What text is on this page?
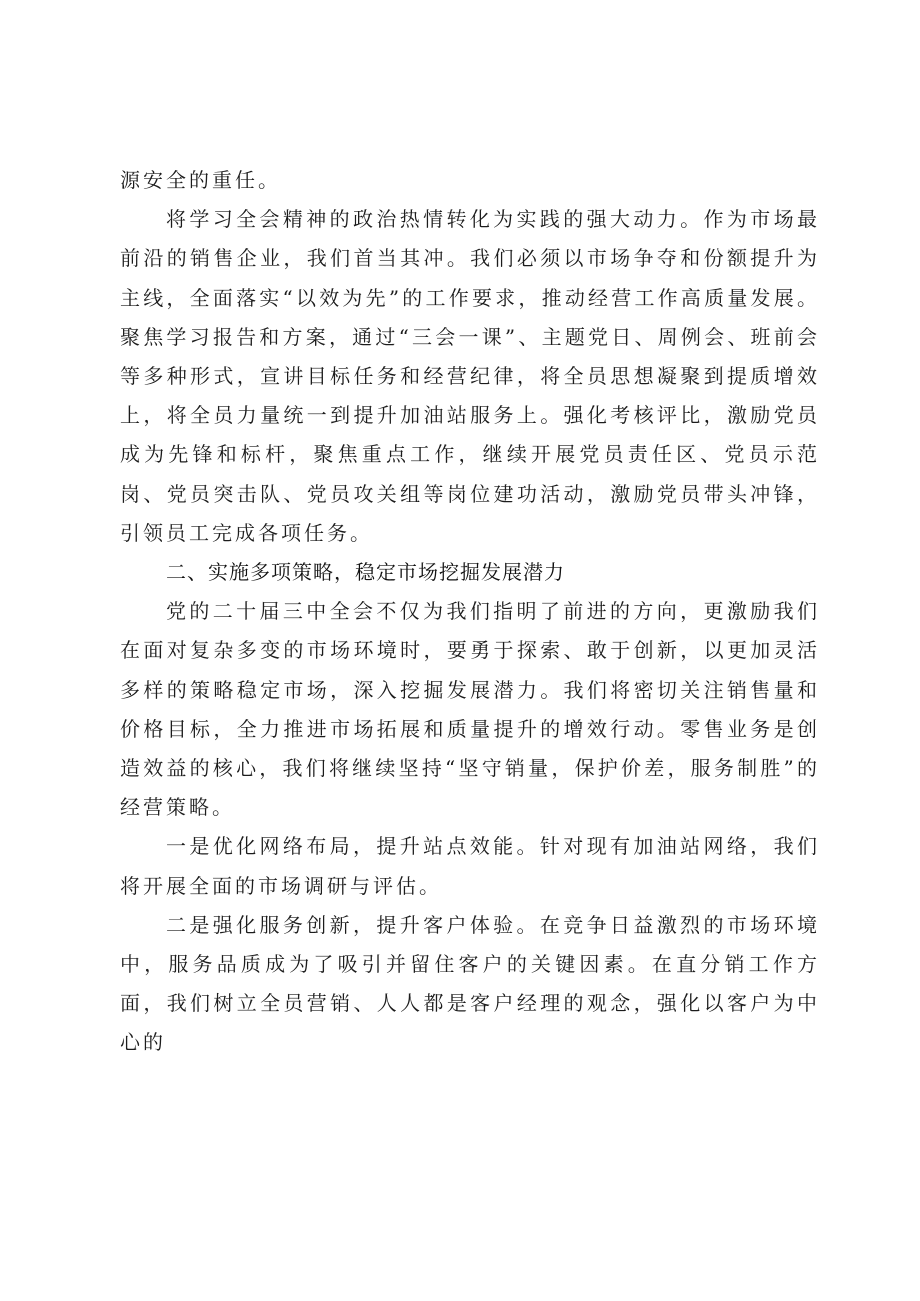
源安全的重任。

将学习全会精神的政治热情转化为实践的强大动力。作为市场最前沿的销售企业，我们首当其冲。我们必须以市场争夺和份额提升为主线，全面落实“以效为先”的工作要求，推动经营工作高质量发展。聚焦学习报告和方案，通过“三会一课”、主题党日、周例会、班前会等多种形式，宣讲目标任务和经营纪律，将全员思想凝聚到提质增效上，将全员力量统一到提升加油站服务上。强化考核评比，激励党员成为先锋和标杆，聚焦重点工作，继续开展党员责任区、党员示范岗、党员突击队、党员攻关组等岗位建功活动，激励党员带头冲锋，引领员工完成各项任务。

二、实施多项策略，稳定市场挖掘发展潜力

党的二十届三中全会不仅为我们指明了前进的方向，更激励我们在面对复杂多变的市场环境时，要勇于探索、敢于创新，以更加灵活多样的策略稳定市场，深入挖掘发展潜力。我们将密切关注销售量和价格目标，全力推进市场拓展和质量提升的增效行动。零售业务是创造效益的核心，我们将继续坚持“坚守销量，保护价差，服务制胜”的经营策略。

一是优化网络布局，提升站点效能。针对现有加油站网络，我们将开展全面的市场调研与评估。

二是强化服务创新，提升客户体验。在竞争日益激烈的市场环境中，服务品质成为了吸引并留住客户的关键因素。在直分销工作方面，我们树立全员营销、人人都是客户经理的观念，强化以客户为中心的
